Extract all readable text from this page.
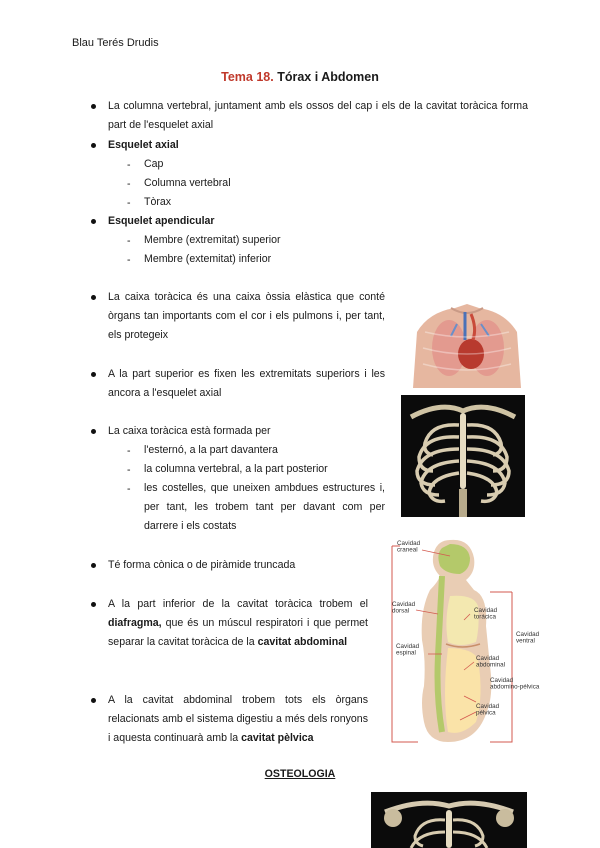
Blau Terés Drudis
Tema 18. Tórax i Abdomen
La columna vertebral, juntament amb els ossos del cap i els de la cavitat toràcica forma part de l'esquelet axial
Esquelet axial
- Cap
- Columna vertebral
- Tòrax
Esquelet apendicular
- Membre (extremitat) superior
- Membre (extemitat) inferior
La caixa toràcica és una caixa òssia elàstica que conté òrgans tan importants com el cor i els pulmons i, per tant, els protegeix
A la part superior es fixen les extremitats superiors i les ancora a l'esquelet axial
La caixa toràcica està formada per
- l'esternó, a la part davantera
- la columna vertebral, a la part posterior
- les costelles, que uneixen ambdues estructures i, per tant, les trobem tant per davant com per darrere i els costats
Té forma cònica o de piràmide truncada
A la part inferior de la cavitat toràcica trobem el diafragma, que és un múscul respiratori i que permet separar la cavitat toràcica de la cavitat abdominal
A la cavitat abdominal trobem tots els òrgans relacionats amb el sistema digestiu a més dels ronyons i aquesta continuarà amb la cavitat pèlvica
OSTEOLOGIA
Cavidad craneal
Cavidad dorsal
Cavidad espinal
Cavidad torácica
Cavidad ventral
Cavidad abdominal
Cavidad abdomino-pélvica
Cavidad pélvica
